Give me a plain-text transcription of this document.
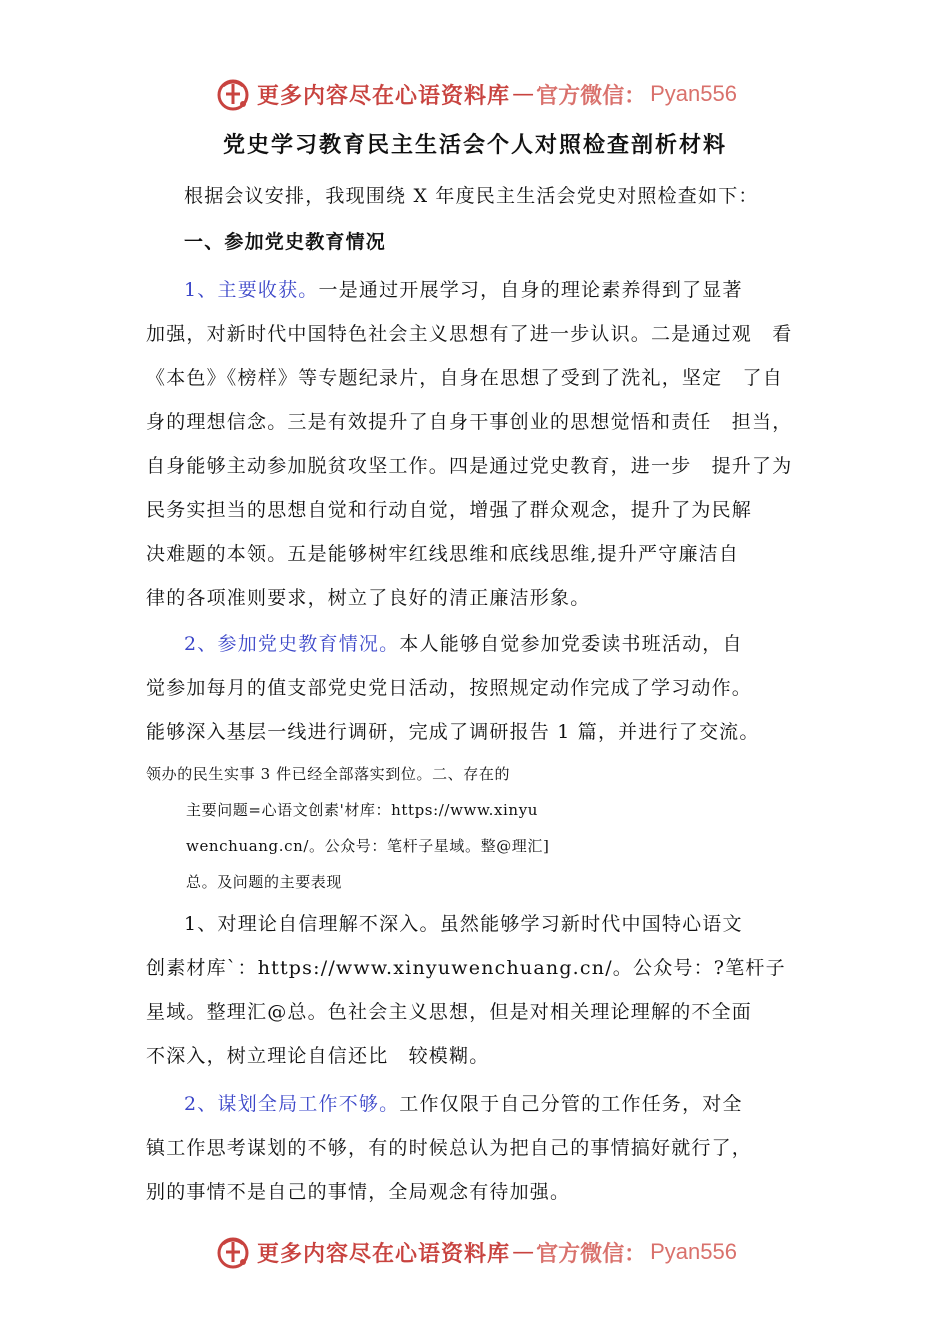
更多内容尽在心语资料库 — 官方微信： Pyan556
党史学习教育民主生活会个人对照检查剖析材料
根据会议安排，我现围绕 X 年度民主生活会党史对照检查如下：
一、参加党史教育情况
1、主要收获。一是通过开展学习，自身的理论素养得到了显著
加强，对新时代中国特色社会主义思想有了进一步认识。二是通过观　看
《本色》《榜样》等专题纪录片，自身在思想了受到了洗礼，坚定　了自
身的理想信念。三是有效提升了自身干事创业的思想觉悟和责任　担当，
自身能够主动参加脱贫攻坚工作。四是通过党史教育，进一步　提升了为
民务实担当的思想自觉和行动自觉，增强了群众观念，提升了为民解
决难题的本领。五是能够树牢红线思维和底线思维,提升严守廉洁自
律的各项准则要求，树立了良好的清正廉洁形象。
2、参加党史教育情况。本人能够自觉参加党委读书班活动，自
觉参加每月的值支部党史党日活动，按照规定动作完成了学习动作。
能够深入基层一线进行调研，完成了调研报告 1 篇，并进行了交流。
领办的民生实事 3 件已经全部落实到位。二、存在的
主要问题=心语文创素'材库：https://www.xinyu
wenchuang.cn/。公众号：笔杆子星域。整@理汇]
总。及问题的主要表现
1、对理论自信理解不深入。虽然能够学习新时代中国特心语文
创素材库`：https://www.xinyuwenchuang.cn/。公众号：?笔杆子
星域。整理汇@总。色社会主义思想，但是对相关理论理解的不全面
不深入，树立理论自信还比　较模糊。
2、谋划全局工作不够。工作仅限于自己分管的工作任务，对全
镇工作思考谋划的不够，有的时候总认为把自己的事情搞好就行了，
别的事情不是自己的事情，全局观念有待加强。
更多内容尽在心语资料库 — 官方微信： Pyan556
